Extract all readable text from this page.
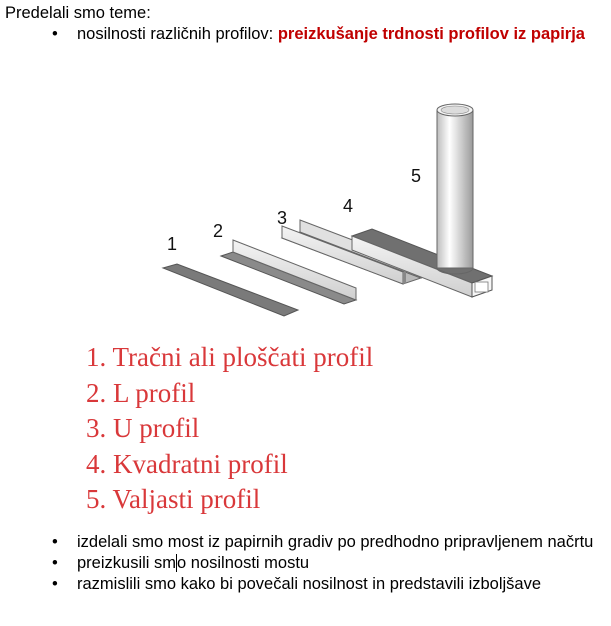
Predelali smo teme:
• nosilnosti različnih profilov: preizkušanje trdnosti profilov iz papirja
1
2
3
4
5
1. Tračni ali ploščati profil
2. L profil
3. U profil
4. Kvadratni profil
5. Valjasti profil
• izdelali smo most iz papirnih gradiv po predhodno pripravljenem načrtu
• preizkusili smo nosilnosti mostu
• razmislili smo kako bi povečali nosilnost in predstavili izboljšave
